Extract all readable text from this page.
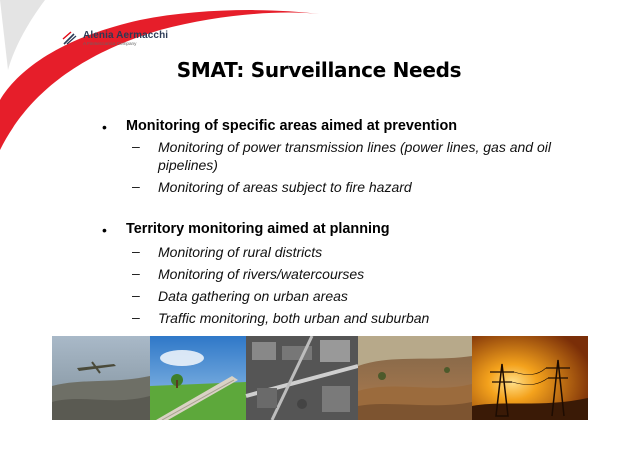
Alenia Aermacchi
A Finmeccanica Company
SMAT: Surveillance Needs
• Monitoring of specific areas aimed at prevention
– Monitoring of power transmission lines (power lines, gas and oil pipelines)
– Monitoring of areas subject to fire hazard
• Territory monitoring aimed at planning
– Monitoring of rural districts
– Monitoring of rivers/watercourses
– Data gathering on urban areas
– Traffic monitoring, both urban and suburban
